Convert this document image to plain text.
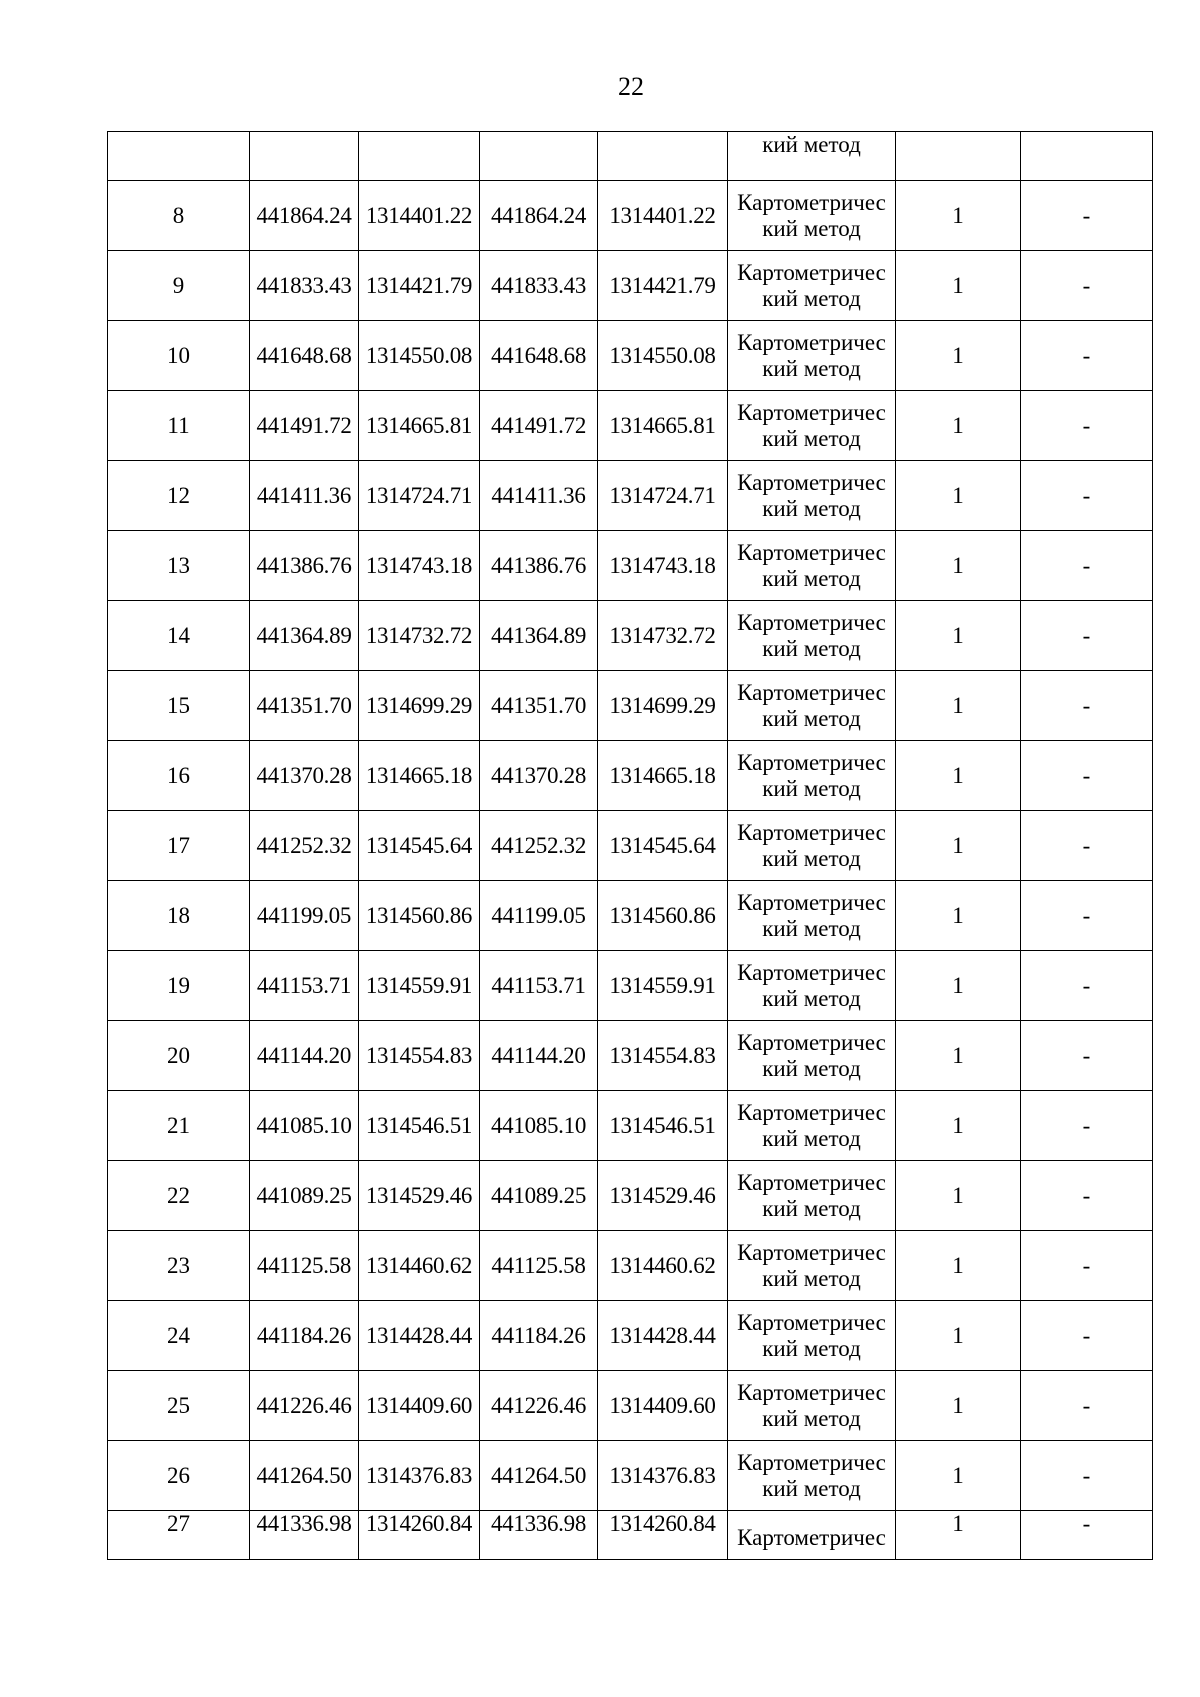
22

					кий метод		

8	441864.24	1314401.22	441864.24	1314401.22	Картометричес
кий метод	1	-
9	441833.43	1314421.79	441833.43	1314421.79	Картометричес
кий метод	1	-
10	441648.68	1314550.08	441648.68	1314550.08	Картометричес
кий метод	1	-
11	441491.72	1314665.81	441491.72	1314665.81	Картометричес
кий метод	1	-
12	441411.36	1314724.71	441411.36	1314724.71	Картометричес
кий метод	1	-
13	441386.76	1314743.18	441386.76	1314743.18	Картометричес
кий метод	1	-
14	441364.89	1314732.72	441364.89	1314732.72	Картометричес
кий метод	1	-
15	441351.70	1314699.29	441351.70	1314699.29	Картометричес
кий метод	1	-
16	441370.28	1314665.18	441370.28	1314665.18	Картометричес
кий метод	1	-
17	441252.32	1314545.64	441252.32	1314545.64	Картометричес
кий метод	1	-
18	441199.05	1314560.86	441199.05	1314560.86	Картометричес
кий метод	1	-
19	441153.71	1314559.91	441153.71	1314559.91	Картометричес
кий метод	1	-
20	441144.20	1314554.83	441144.20	1314554.83	Картометричес
кий метод	1	-
21	441085.10	1314546.51	441085.10	1314546.51	Картометричес
кий метод	1	-
22	441089.25	1314529.46	441089.25	1314529.46	Картометричес
кий метод	1	-
23	441125.58	1314460.62	441125.58	1314460.62	Картометричес
кий метод	1	-
24	441184.26	1314428.44	441184.26	1314428.44	Картометричес
кий метод	1	-
25	441226.46	1314409.60	441226.46	1314409.60	Картометричес
кий метод	1	-
26	441264.50	1314376.83	441264.50	1314376.83	Картометричес
кий метод	1	-
27	441336.98	1314260.84	441336.98	1314260.84	Картометричес	1	-
